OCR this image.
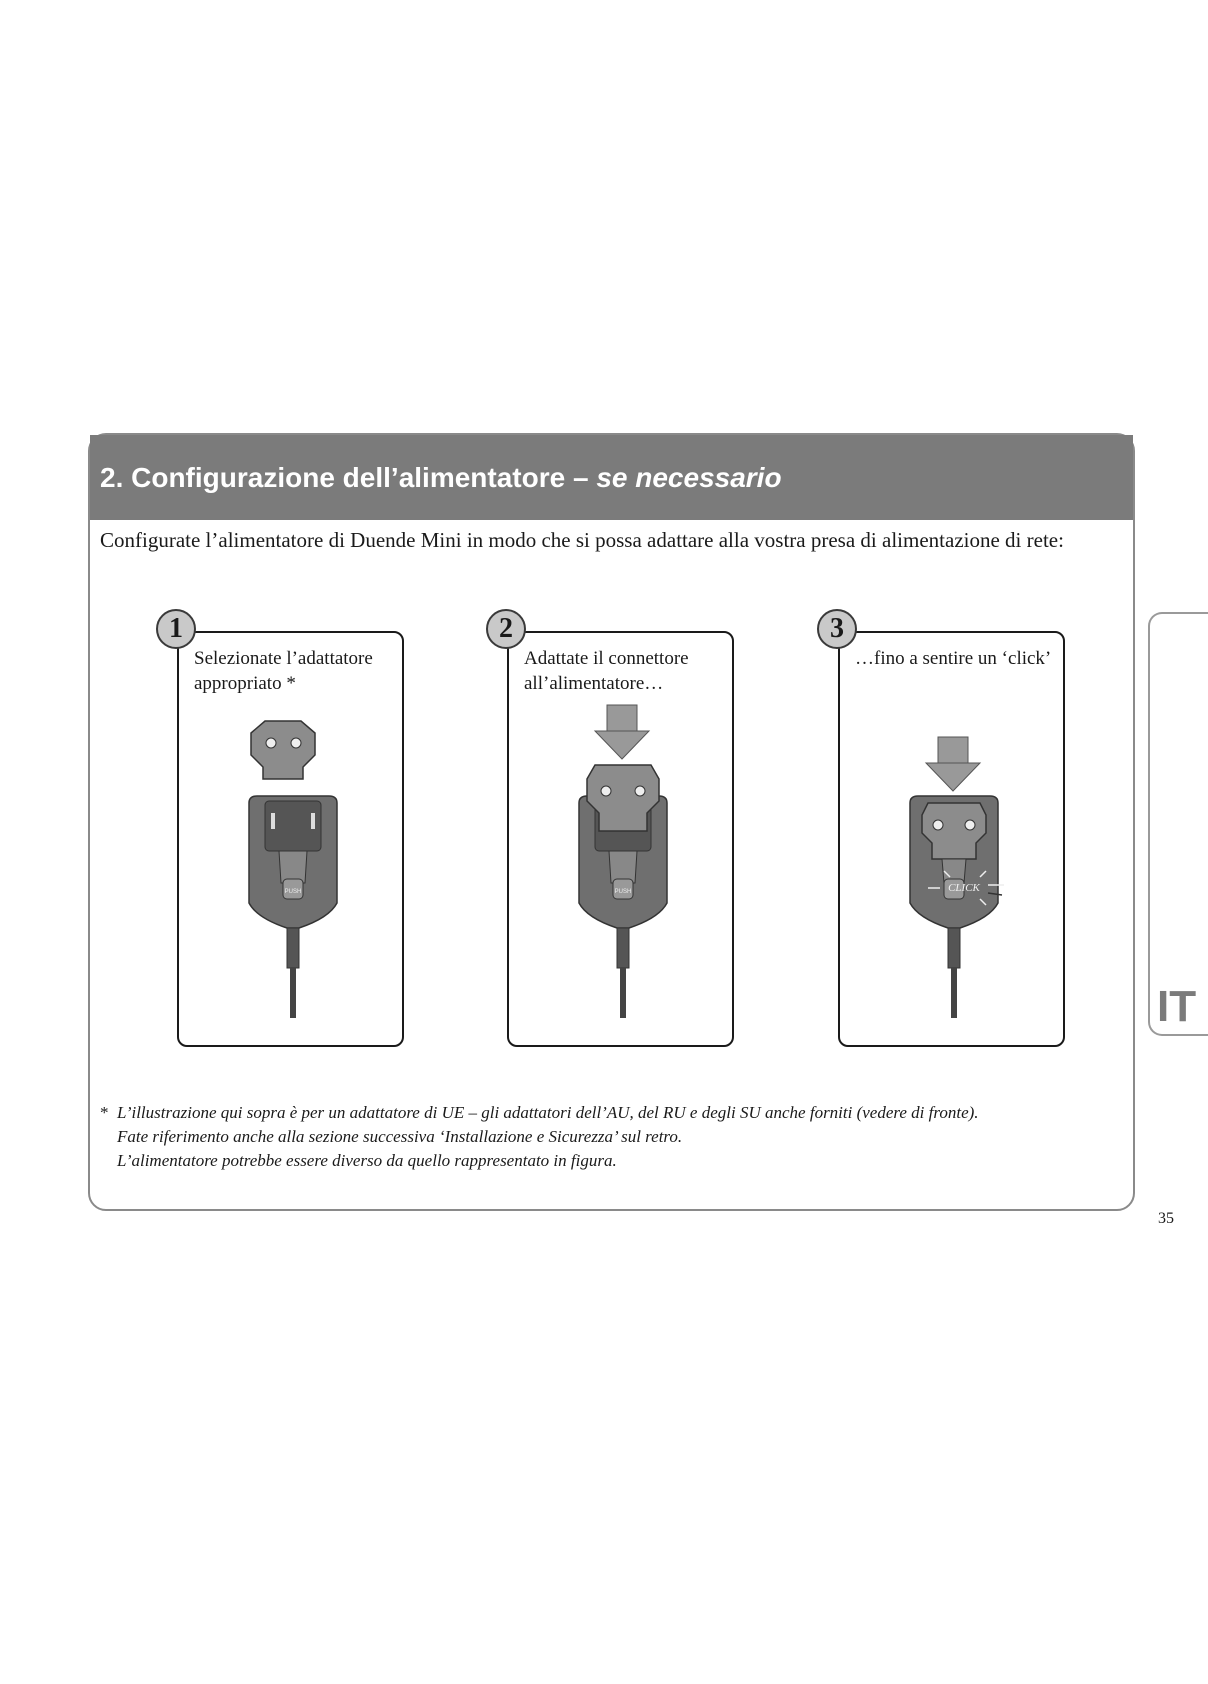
2. Configurazione dell’alimentatore – se necessario
Configurate l’alimentatore di Duende Mini in modo che si possa adattare alla vostra presa di alimentazione di rete:
Selezionate l’adattatore appropriato *
PUSH
1
Adattate il connettore all’alimentatore…
PUSH
2
…fino a sentire un ‘click’
CLICK
3
* L’illustrazione qui sopra è per un adattatore di UE – gli adattatori dell’AU, del RU e degli SU anche forniti (vedere di fronte).
Fate riferimento anche alla sezione successiva ‘Installazione e Sicurezza’ sul retro.
L’alimentatore potrebbe essere diverso da quello rappresentato in figura.
IT
35
